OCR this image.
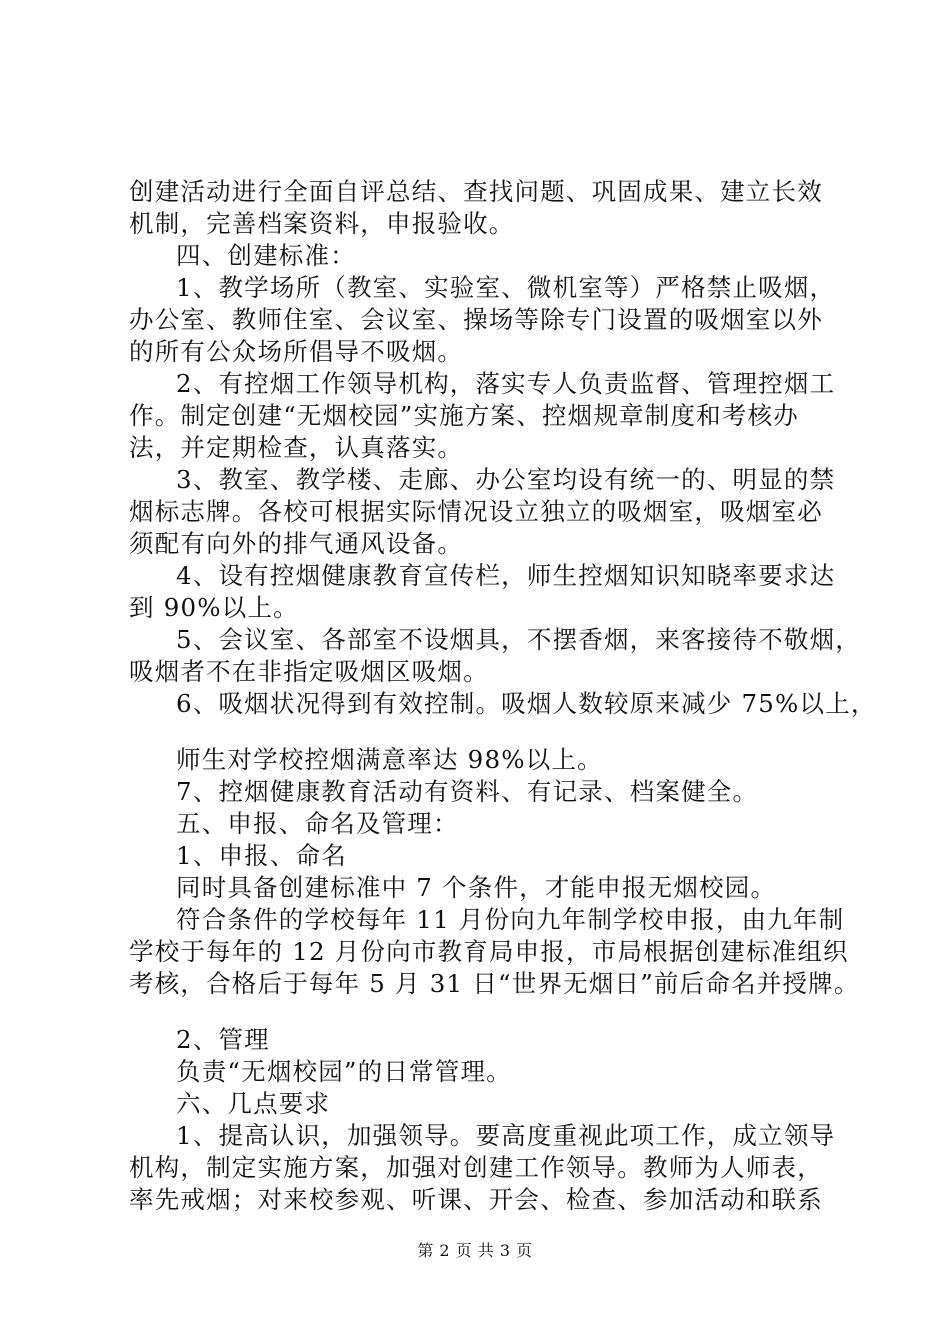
创建活动进行全面自评总结、查找问题、巩固成果、建立长效
机制，完善档案资料，申报验收。
四、创建标准：
1、教学场所（教室、实验室、微机室等）严格禁止吸烟，
办公室、教师住室、会议室、操场等除专门设置的吸烟室以外
的所有公众场所倡导不吸烟。
2、有控烟工作领导机构，落实专人负责监督、管理控烟工
作。制定创建“无烟校园”实施方案、控烟规章制度和考核办
法，并定期检查，认真落实。
3、教室、教学楼、走廊、办公室均设有统一的、明显的禁
烟标志牌。各校可根据实际情况设立独立的吸烟室，吸烟室必
须配有向外的排气通风设备。
4、设有控烟健康教育宣传栏，师生控烟知识知晓率要求达
到 90%以上。
5、会议室、各部室不设烟具，不摆香烟，来客接待不敬烟，
吸烟者不在非指定吸烟区吸烟。
6、吸烟状况得到有效控制。吸烟人数较原来减少 75%以上，
师生对学校控烟满意率达 98%以上。
7、控烟健康教育活动有资料、有记录、档案健全。
五、申报、命名及管理：
1、申报、命名
同时具备创建标准中 7 个条件，才能申报无烟校园。
符合条件的学校每年 11 月份向九年制学校申报，由九年制
学校于每年的 12 月份向市教育局申报，市局根据创建标准组织
考核，合格后于每年 5 月 31 日“世界无烟日”前后命名并授牌。
2、管理
负责“无烟校园”的日常管理。
六、几点要求
1、提高认识，加强领导。要高度重视此项工作，成立领导
机构，制定实施方案，加强对创建工作领导。教师为人师表，
率先戒烟；对来校参观、听课、开会、检查、参加活动和联系
第 2 页 共 3 页
